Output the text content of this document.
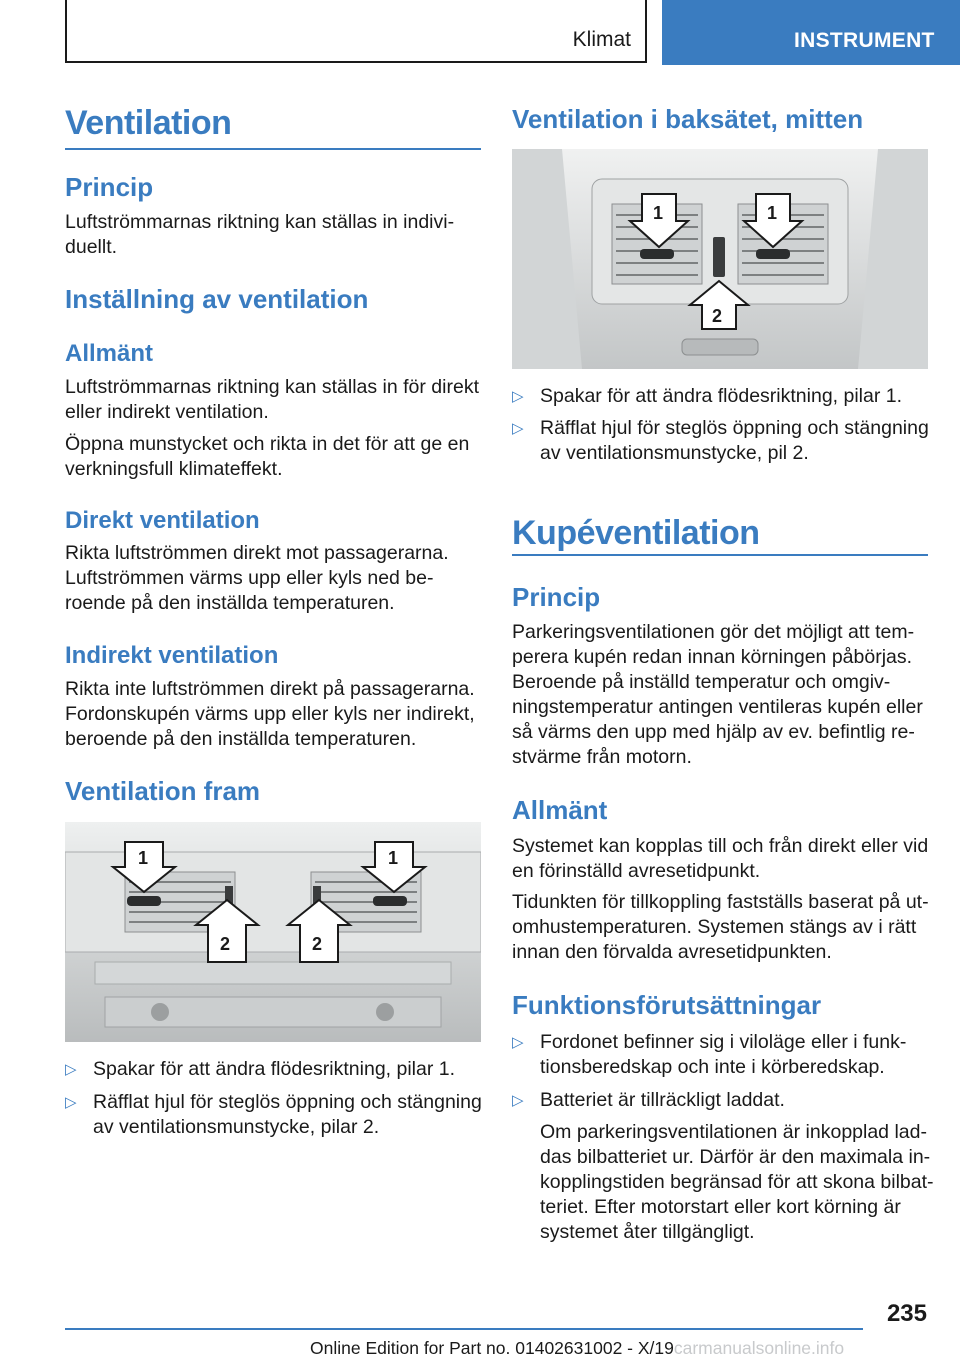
Klimat	INSTRUMENT
Ventilation
Princip
Luftströmmarnas riktning kan ställas in indivi-
duellt.
Inställning av ventilation
Allmänt
Luftströmmarnas riktning kan ställas in för direkt
eller indirekt ventilation.
Öppna munstycket och rikta in det för att ge en
verkningsfull klimateffekt.
Direkt ventilation
Rikta luftströmmen direkt mot passagerarna.
Luftströmmen värms upp eller kyls ned be-
roende på den inställda temperaturen.
Indirekt ventilation
Rikta inte luftströmmen direkt på passagerarna.
Fordonskupén värms upp eller kyls ner indirekt,
beroende på den inställda temperaturen.
Ventilation fram
1	1
2	2
▷ Spakar för att ändra flödesriktning, pilar 1.
▷ Räfflat hjul för steglös öppning och stängning
av ventilationsmunstycke, pilar 2.
Ventilation i baksätet, mitten
1	1
2
▷ Spakar för att ändra flödesriktning, pilar 1.
▷ Räfflat hjul för steglös öppning och stängning
av ventilationsmunstycke, pil 2.
Kupéventilation
Princip
Parkeringsventilationen gör det möjligt att tem-
perera kupén redan innan körningen påbörjas.
Beroende på inställd temperatur och omgiv-
ningstemperatur antingen ventileras kupén eller
så värms den upp med hjälp av ev. befintlig re-
stvärme från motorn.
Allmänt
Systemet kan kopplas till och från direkt eller vid
en förinställd avresetidpunkt.
Tidunkten för tillkoppling fastställs baserat på ut-
omhustemperaturen. Systemen stängs av i rätt
innan den förvalda avresetidpunkten.
Funktionsförutsättningar
▷ Fordonet befinner sig i viloläge eller i funk-
tionsberedskap och inte i körberedskap.
▷ Batteriet är tillräckligt laddat.
Om parkeringsventilationen är inkopplad lad-
das bilbatteriet ur. Därför är den maximala in-
kopplingstiden begränsad för att skona bilbat-
teriet. Efter motorstart eller kort körning är
systemet åter tillgängligt.
235
Online Edition for Part no. 01402631002 - X/19carmanualsonline.info
